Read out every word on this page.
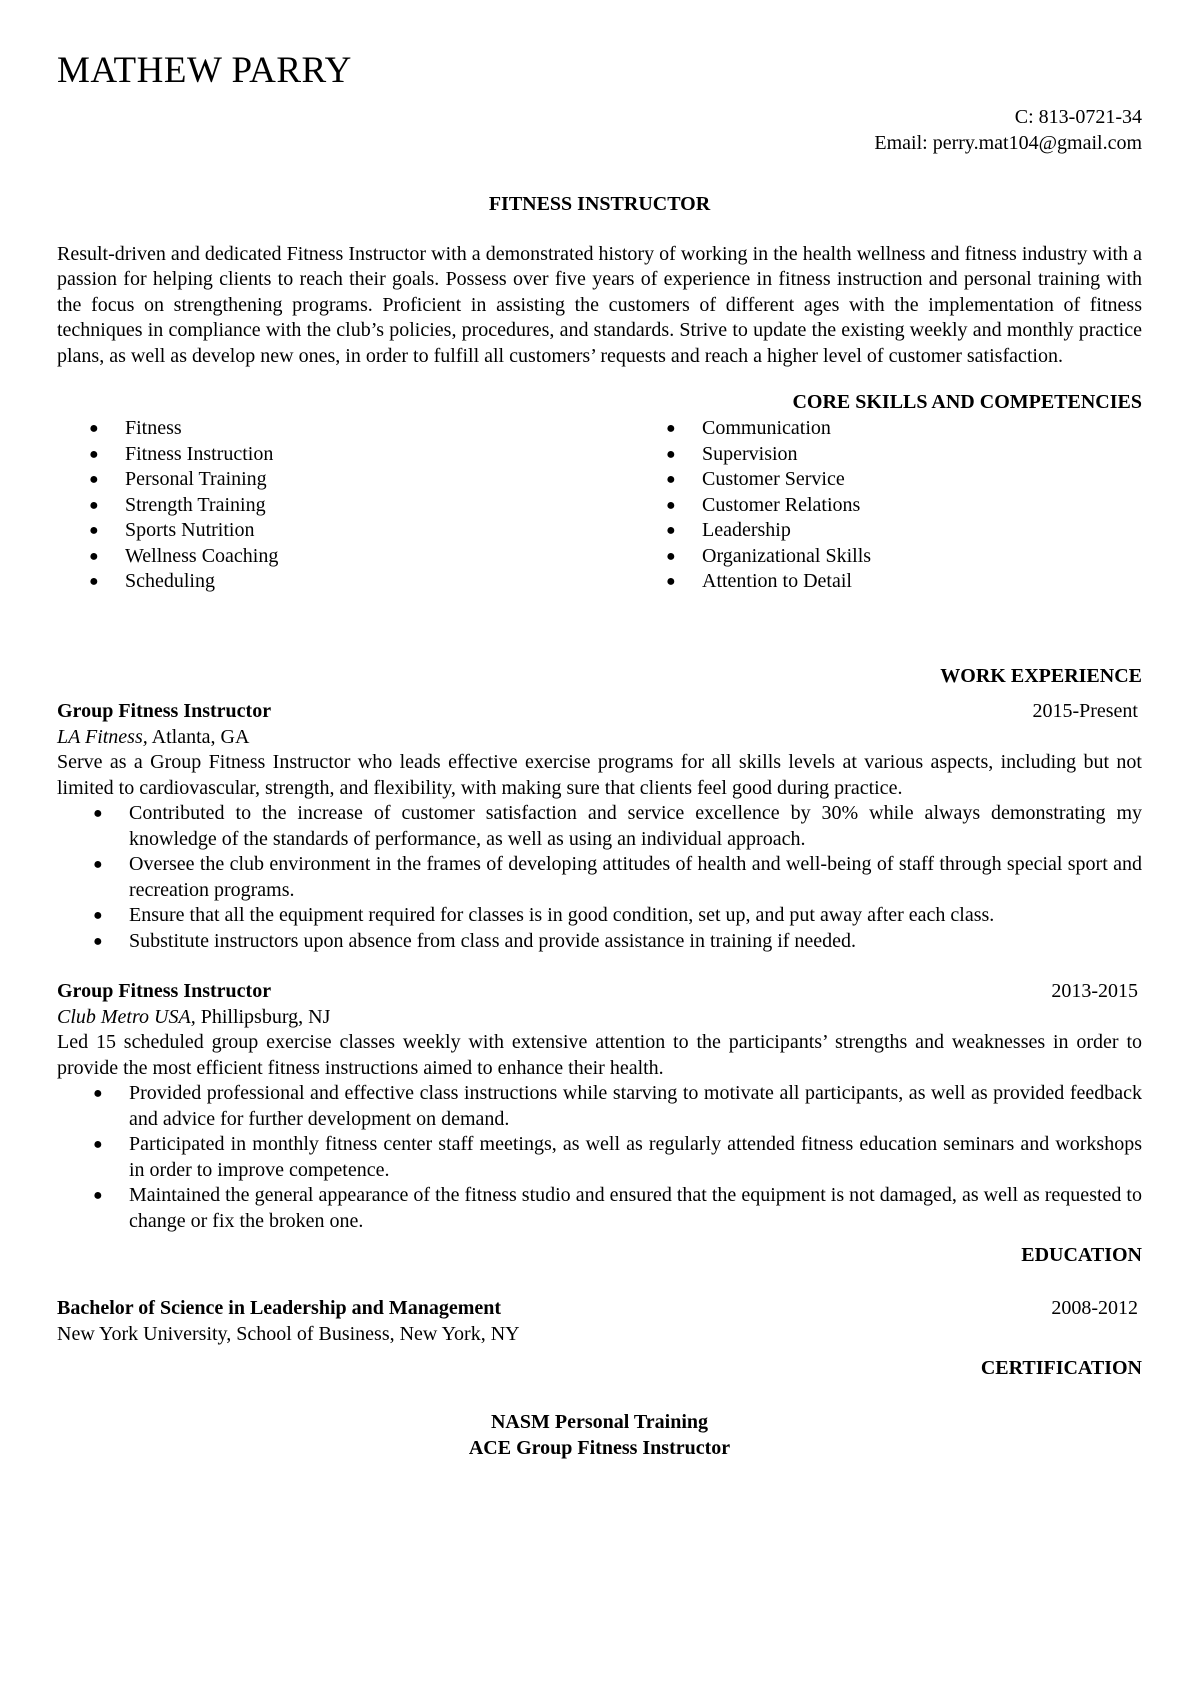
MATHEW PARRY
C: 813-0721-34
Email: perry.mat104@gmail.com
FITNESS INSTRUCTOR
Result-driven and dedicated Fitness Instructor with a demonstrated history of working in the health wellness and fitness industry with a passion for helping clients to reach their goals. Possess over five years of experience in fitness instruction and personal training with the focus on strengthening programs. Proficient in assisting the customers of different ages with the implementation of fitness techniques in compliance with the club’s policies, procedures, and standards. Strive to update the existing weekly and monthly practice plans, as well as develop new ones, in order to fulfill all customers’ requests and reach a higher level of customer satisfaction.
CORE SKILLS AND COMPETENCIES
● Fitness
● Fitness Instruction
● Personal Training
● Strength Training
● Sports Nutrition
● Wellness Coaching
● Scheduling
● Communication
● Supervision
● Customer Service
● Customer Relations
● Leadership
● Organizational Skills
● Attention to Detail
WORK EXPERIENCE
Group Fitness Instructor	2015-Present
LA Fitness, Atlanta, GA
Serve as a Group Fitness Instructor who leads effective exercise programs for all skills levels at various aspects, including but not limited to cardiovascular, strength, and flexibility, with making sure that clients feel good during practice.
● Contributed to the increase of customer satisfaction and service excellence by 30% while always demonstrating my knowledge of the standards of performance, as well as using an individual approach.
● Oversee the club environment in the frames of developing attitudes of health and well-being of staff through special sport and recreation programs.
● Ensure that all the equipment required for classes is in good condition, set up, and put away after each class.
● Substitute instructors upon absence from class and provide assistance in training if needed.
Group Fitness Instructor	2013-2015
Club Metro USA, Phillipsburg, NJ
Led 15 scheduled group exercise classes weekly with extensive attention to the participants’ strengths and weaknesses in order to provide the most efficient fitness instructions aimed to enhance their health.
● Provided professional and effective class instructions while starving to motivate all participants, as well as provided feedback and advice for further development on demand.
● Participated in monthly fitness center staff meetings, as well as regularly attended fitness education seminars and workshops in order to improve competence.
● Maintained the general appearance of the fitness studio and ensured that the equipment is not damaged, as well as requested to change or fix the broken one.
EDUCATION
Bachelor of Science in Leadership and Management	2008-2012
New York University, School of Business, New York, NY
CERTIFICATION
NASM Personal Training
ACE Group Fitness Instructor
